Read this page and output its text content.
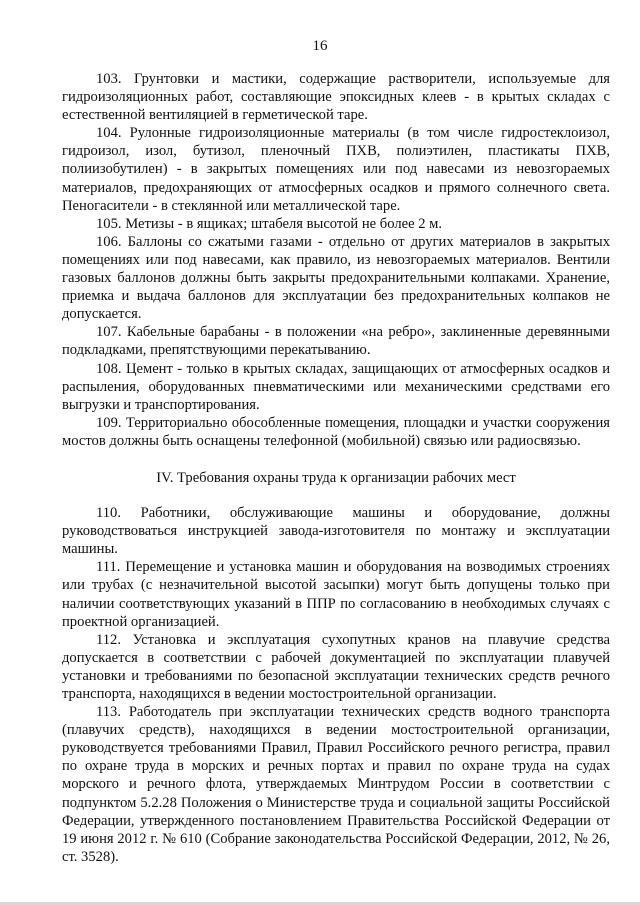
16

103. Грунтовки и мастики, содержащие растворители, используемые для гидроизоляционных работ, составляющие эпоксидных клеев - в крытых складах с естественной вентиляцией в герметической таре.

104. Рулонные гидроизоляционные материалы (в том числе гидростеклоизол, гидроизол, изол, бутизол, пленочный ПХВ, полиэтилен, пластикаты ПХВ, полиизобутилен) - в закрытых помещениях или под навесами из невозгораемых материалов, предохраняющих от атмосферных осадков и прямого солнечного света. Пеногасители - в стеклянной или металлической таре.

105. Метизы - в ящиках; штабеля высотой не более 2 м.

106. Баллоны со сжатыми газами - отдельно от других материалов в закрытых помещениях или под навесами, как правило, из невозгораемых материалов. Вентили газовых баллонов должны быть закрыты предохранительными колпаками. Хранение, приемка и выдача баллонов для эксплуатации без предохранительных колпаков не допускается.

107. Кабельные барабаны - в положении «на ребро», заклиненные деревянными подкладками, препятствующими перекатыванию.

108. Цемент - только в крытых складах, защищающих от атмосферных осадков и распыления, оборудованных пневматическими или механическими средствами его выгрузки и транспортирования.

109. Территориально обособленные помещения, площадки и участки сооружения мостов должны быть оснащены телефонной (мобильной) связью или радиосвязью.

IV. Требования охраны труда к организации рабочих мест

110. Работники, обслуживающие машины и оборудование, должны руководствоваться инструкцией завода-изготовителя по монтажу и эксплуатации машины.

111. Перемещение и установка машин и оборудования на возводимых строениях или трубах (с незначительной высотой засыпки) могут быть допущены только при наличии соответствующих указаний в ППР по согласованию в необходимых случаях с проектной организацией.

112. Установка и эксплуатация сухопутных кранов на плавучие средства допускается в соответствии с рабочей документацией по эксплуатации плавучей установки и требованиями по безопасной эксплуатации технических средств речного транспорта, находящихся в ведении мостостроительной организации.

113. Работодатель при эксплуатации технических средств водного транспорта (плавучих средств), находящихся в ведении мостостроительной организации, руководствуется требованиями Правил, Правил Российского речного регистра, правил по охране труда в морских и речных портах и правил по охране труда на судах морского и речного флота, утверждаемых Минтрудом России в соответствии с подпунктом 5.2.28 Положения о Министерстве труда и социальной защиты Российской Федерации, утвержденного постановлением Правительства Российской Федерации от 19 июня 2012 г. № 610 (Собрание законодательства Российской Федерации, 2012, № 26, ст. 3528).
